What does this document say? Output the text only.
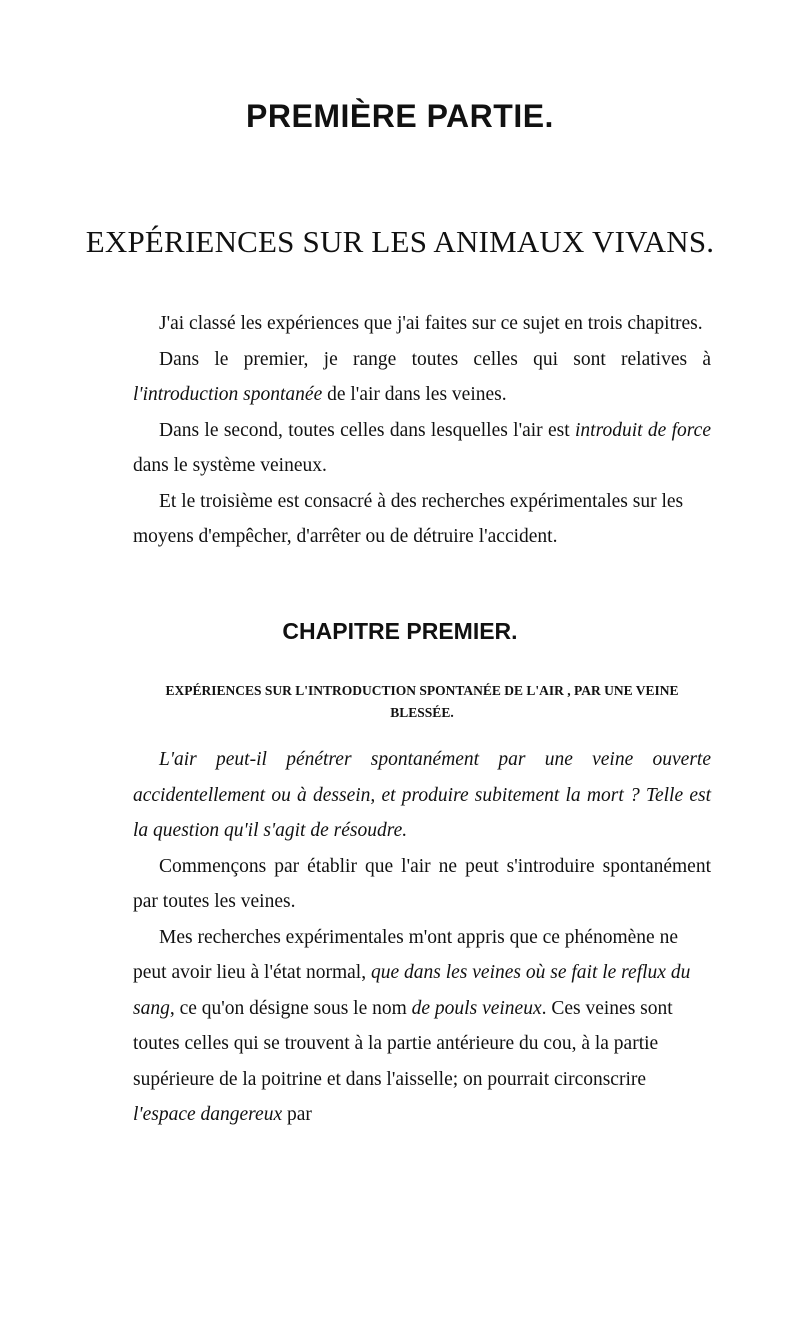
PREMIÈRE PARTIE.
EXPÉRIENCES SUR LES ANIMAUX VIVANS.

J'ai classé les expériences que j'ai faites sur ce sujet en trois chapitres.

Dans le premier, je range toutes celles qui sont relatives à l'introduction spontanée de l'air dans les veines.

Dans le second, toutes celles dans lesquelles l'air est introduit de force dans le système veineux.

Et le troisième est consacré à des recherches expérimentales sur les moyens d'empêcher, d'arrêter ou de détruire l'accident.

CHAPITRE PREMIER.
EXPÉRIENCES SUR L'INTRODUCTION SPONTANÉE DE L'AIR , PAR UNE VEINE BLESSÉE.

L'air peut-il pénétrer spontanément par une veine ouverte accidentellement ou à dessein, et produire subitement la mort ? Telle est la question qu'il s'agit de résoudre.

Commençons par établir que l'air ne peut s'introduire spontanément par toutes les veines.

Mes recherches expérimentales m'ont appris que ce phénomène ne peut avoir lieu à l'état normal, que dans les veines où se fait le reflux du sang, ce qu'on désigne sous le nom de pouls veineux. Ces veines sont toutes celles qui se trouvent à la partie antérieure du cou, à la partie supérieure de la poitrine et dans l'aisselle; on pourrait circonscrire l'espace dangereux par
